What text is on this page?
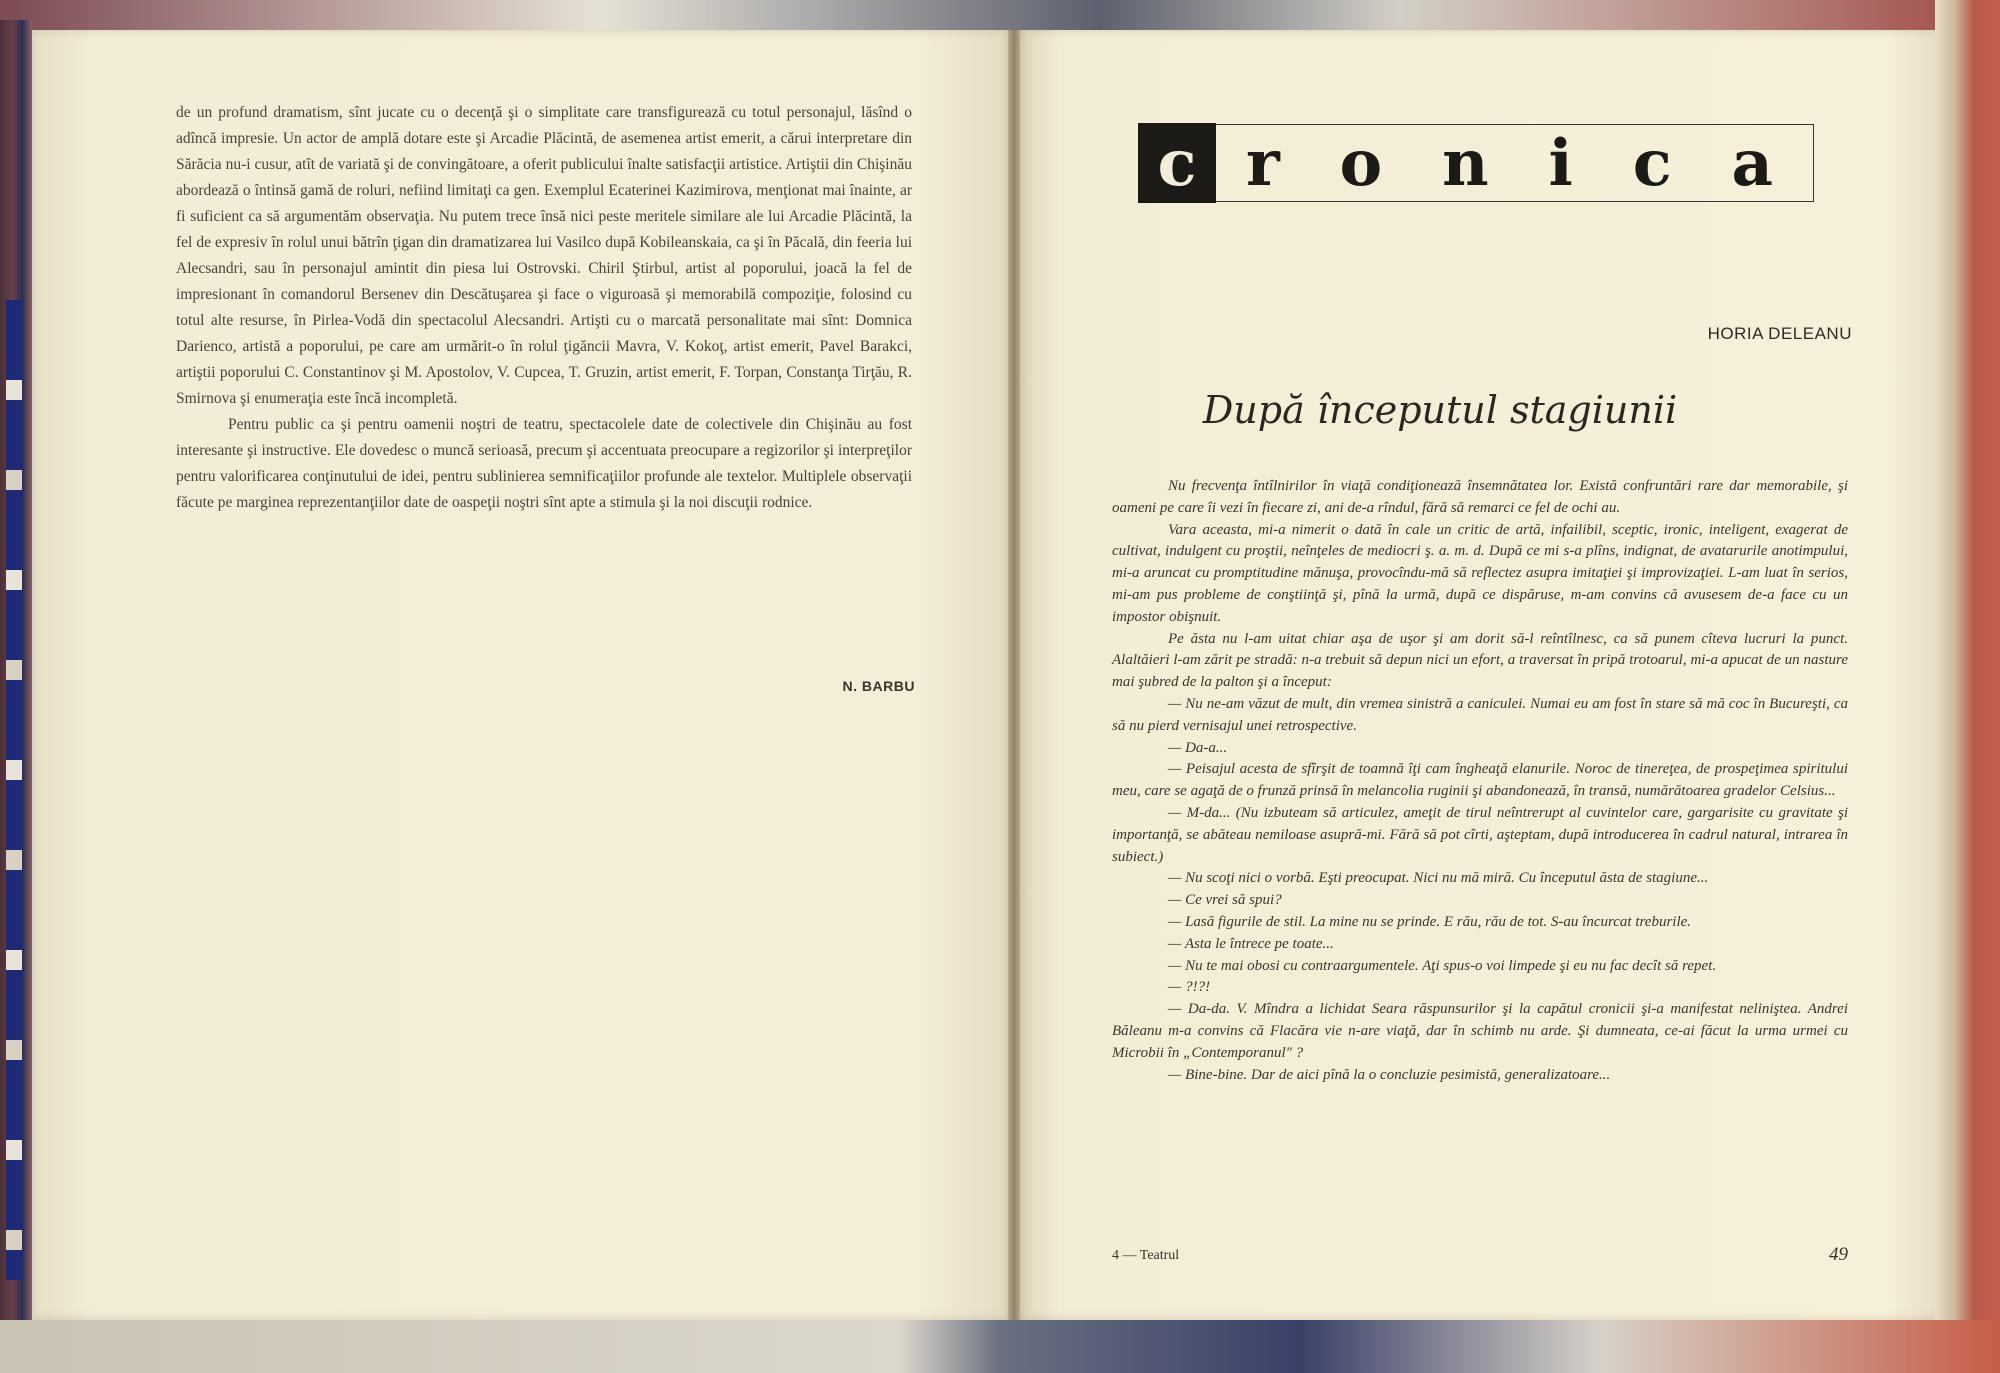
de un profund dramatism, sînt jucate cu o decenţă şi o simplitate care transfigurează cu totul personajul, lăsînd o adîncă impresie. Un actor de amplă dotare este şi Arcadie Plăcintă, de asemenea artist emerit, a cărui interpretare din Sărăcia nu-i cusur, atît de variată şi de convingătoare, a oferit publicului înalte satisfacţii artistice. Artiştii din Chişinău abordează o întinsă gamă de roluri, nefiind limitaţi ca gen. Exemplul Ecaterinei Kazimirova, menţionat mai înainte, ar fi suficient ca să argumentăm observaţia. Nu putem trece însă nici peste meritele similare ale lui Arcadie Plăcintă, la fel de expresiv în rolul unui bătrîn ţigan din dramatizarea lui Vasilco după Kobileanskaia, ca şi în Păcală, din feeria lui Alecsandri, sau în personajul amintit din piesa lui Ostrovski. Chiril Ştirbul, artist al poporului, joacă la fel de impresionant în comandorul Bersenev din Descătuşarea şi face o viguroasă şi memorabilă compoziţie, folosind cu totul alte resurse, în Pirlea-Vodă din spectacolul Alecsandri. Artişti cu o marcată personalitate mai sînt: Domnica Darienco, artistă a poporului, pe care am urmărit-o în rolul ţigăncii Mavra, V. Kokoţ, artist emerit, Pavel Barakci, artiştii poporului C. Constantinov şi M. Apostolov, V. Cupcea, T. Gruzin, artist emerit, F. Torpan, Constanţa Tirţău, R. Smirnova şi enumeraţia este încă incompletă.

Pentru public ca şi pentru oamenii noştri de teatru, spectacolele date de colectivele din Chişinău au fost interesante şi instructive. Ele dovedesc o muncă serioasă, precum şi accentuata preocupare a regizorilor şi interpreţilor pentru valorificarea conţinutului de idei, pentru sublinierea semnificaţiilor profunde ale textelor. Multiplele observaţii făcute pe marginea reprezentanţiilor date de oaspeţii noştri sînt apte a stimula şi la noi discuţii rodnice.

N. BARBU
c r o n i c a
HORIA DELEANU
După începutul stagiunii

Nu frecvenţa întîlnirilor în viaţă condiţionează însemnătatea lor. Există confruntări rare dar memorabile, şi oameni pe care îi vezi în fiecare zi, ani de-a rîndul, fără să remarci ce fel de ochi au.

Vara aceasta, mi-a nimerit o dată în cale un critic de artă, infailibil, sceptic, ironic, inteligent, exagerat de cultivat, indulgent cu proştii, neînţeles de mediocri ş. a. m. d. După ce mi s-a plîns, indignat, de avatarurile anotimpului, mi-a aruncat cu promptitudine mănuşa, provocîndu-mă să reflectez asupra imitaţiei şi improvizaţiei. L-am luat în serios, mi-am pus probleme de conştiinţă şi, pînă la urmă, după ce dispăruse, m-am convins că avusesem de-a face cu un impostor obişnuit.

Pe ăsta nu l-am uitat chiar aşa de uşor şi am dorit să-l reîntîlnesc, ca să punem cîteva lucruri la punct. Alaltăieri l-am zărit pe stradă: n-a trebuit să depun nici un efort, a traversat în pripă trotoarul, mi-a apucat de un nasture mai şubred de la palton şi a început:

— Nu ne-am văzut de mult, din vremea sinistră a caniculei. Numai eu am fost în stare să mă coc în Bucureşti, ca să nu pierd vernisajul unei retrospective.

— Da-a...

— Peisajul acesta de sfîrşit de toamnă îţi cam îngheaţă elanurile. Noroc de tinereţea, de prospeţimea spiritului meu, care se agaţă de o frunză prinsă în melancolia ruginii şi abandonează, în transă, numărătoarea gradelor Celsius...

— M-da... (Nu izbuteam să articulez, ameţit de tirul neîntrerupt al cuvintelor care, gargarisite cu gravitate şi importanţă, se abăteau nemiloase asupră-mi. Fără să pot cîrti, aşteptam, după introducerea în cadrul natural, intrarea în subiect.)

— Nu scoţi nici o vorbă. Eşti preocupat. Nici nu mă miră. Cu începutul ăsta de stagiune...

— Ce vrei să spui?

— Lasă figurile de stil. La mine nu se prinde. E rău, rău de tot. S-au încurcat treburile.

— Asta le întrece pe toate...

— Nu te mai obosi cu contraargumentele. Aţi spus-o voi limpede şi eu nu fac decît să repet.

— ?!?!

— Da-da. V. Mîndra a lichidat Seara răspunsurilor şi la capătul cronicii şi-a manifestat neliniştea. Andrei Băleanu m-a convins că Flacăra vie n-are viaţă, dar în schimb nu arde. Şi dumneata, ce-ai făcut la urma urmei cu Microbii în „Contemporanul" ?

— Bine-bine. Dar de aici pînă la o concluzie pesimistă, generalizatoare...

4 — Teatrul	49
